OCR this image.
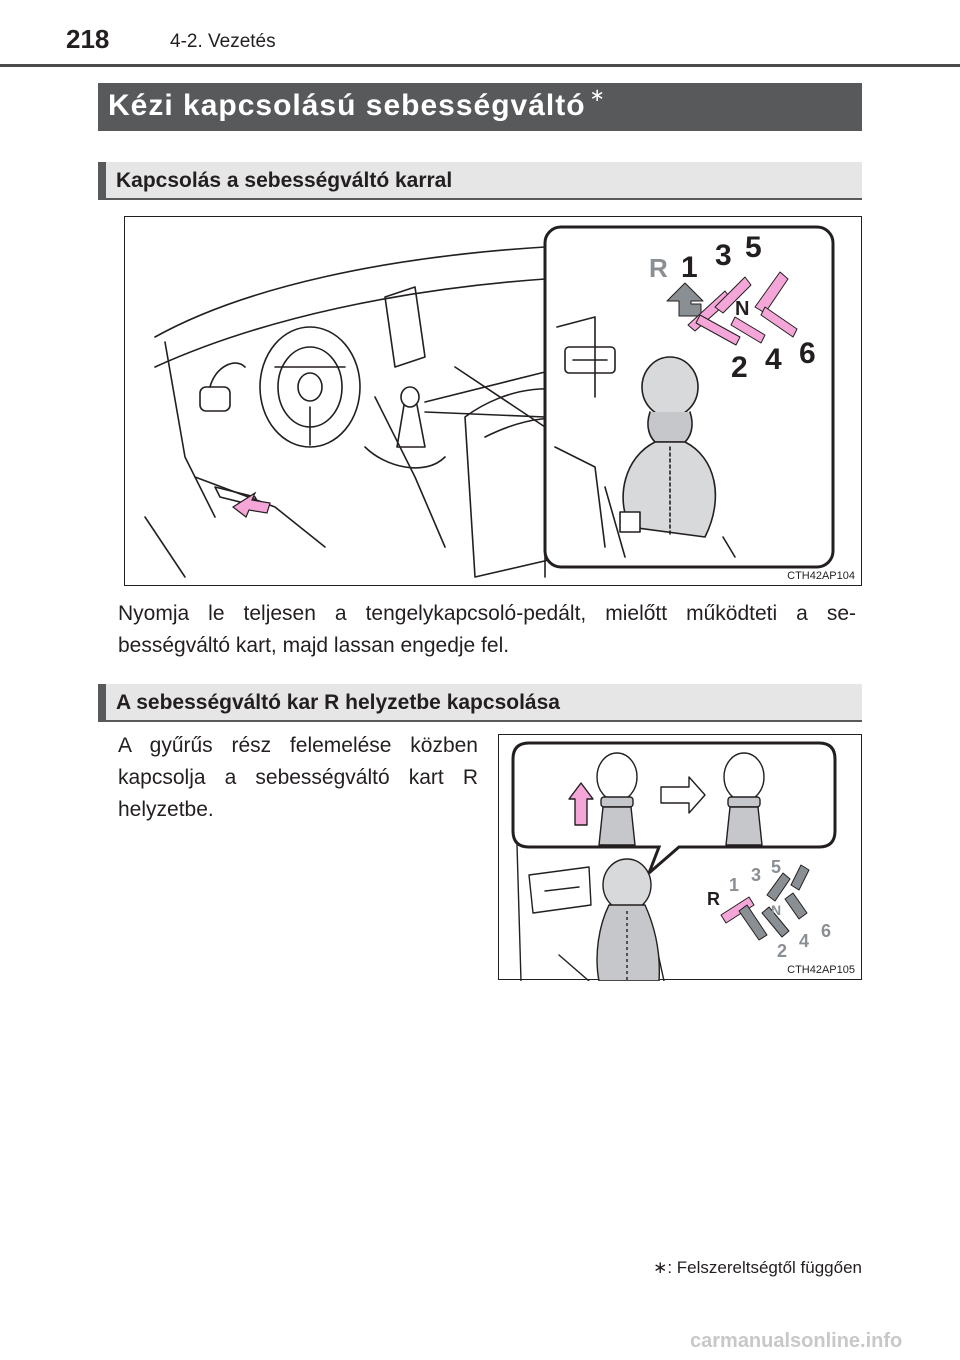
218	4-2. Vezetés
Kézi kapcsolású sebességváltó ∗
Kapcsolás a sebességváltó karral
R 1 3 5
N
2 4 6
CTH42AP104
Nyomja le teljesen a tengelykapcsoló-pedált, mielőtt működteti a se-bességváltó kart, majd lassan engedje fel.
A sebességváltó kar R helyzetbe kapcsolása
A gyűrűs rész felemelése közben kapcsolja a sebességváltó kart R helyzetbe.
R
1 3 5
N
2 4 6
CTH42AP105
∗: Felszereltségtől függően
carmanualsonline.info
